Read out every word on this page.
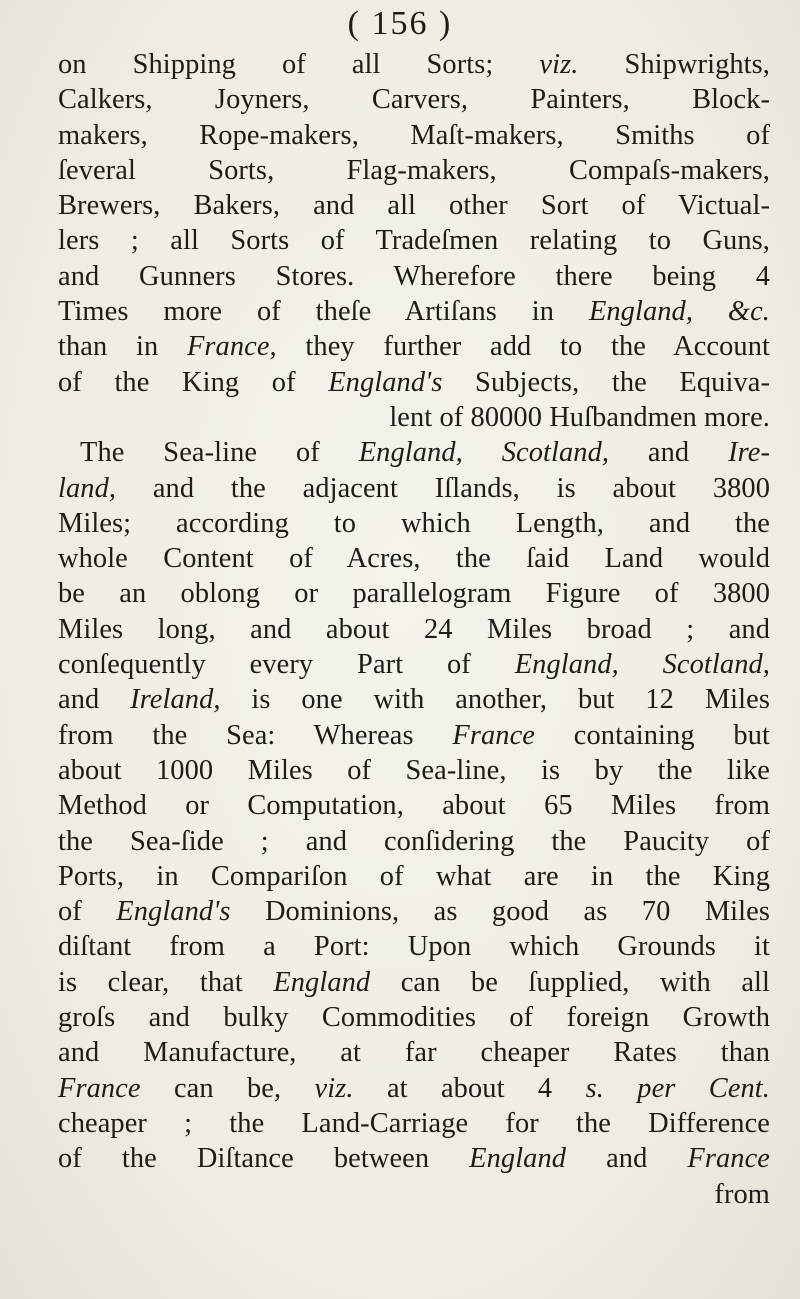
( 156 )
on Shipping of all Sorts; viz. Shipwrights,
Calkers, Joyners, Carvers, Painters, Block-
makers, Rope-makers, Maſt-makers, Smiths of
ſeveral Sorts, Flag-makers, Compaſs-makers,
Brewers, Bakers, and all other Sort of Victual-
lers ; all Sorts of Tradeſmen relating to Guns,
and Gunners Stores. Wherefore there being 4
Times more of theſe Artiſans in England, &c.
than in France, they further add to the Account
of the King of England's Subjects, the Equiva-
lent of 80000 Huſbandmen more.
The Sea-line of England, Scotland, and Ire-
land, and the adjacent Iſlands, is about 3800
Miles; according to which Length, and the
whole Content of Acres, the ſaid Land would
be an oblong or parallelogram Figure of 3800
Miles long, and about 24 Miles broad ; and
conſequently every Part of England, Scotland,
and Ireland, is one with another, but 12 Miles
from the Sea: Whereas France containing but
about 1000 Miles of Sea-line, is by the like
Method or Computation, about 65 Miles from
the Sea-ſide ; and conſidering the Paucity of
Ports, in Compariſon of what are in the King
of England's Dominions, as good as 70 Miles
diſtant from a Port: Upon which Grounds it
is clear, that England can be ſupplied, with all
groſs and bulky Commodities of foreign Growth
and Manufacture, at far cheaper Rates than
France can be, viz. at about 4 s. per Cent.
cheaper ; the Land-Carriage for the Difference
of the Diſtance between England and France
from
